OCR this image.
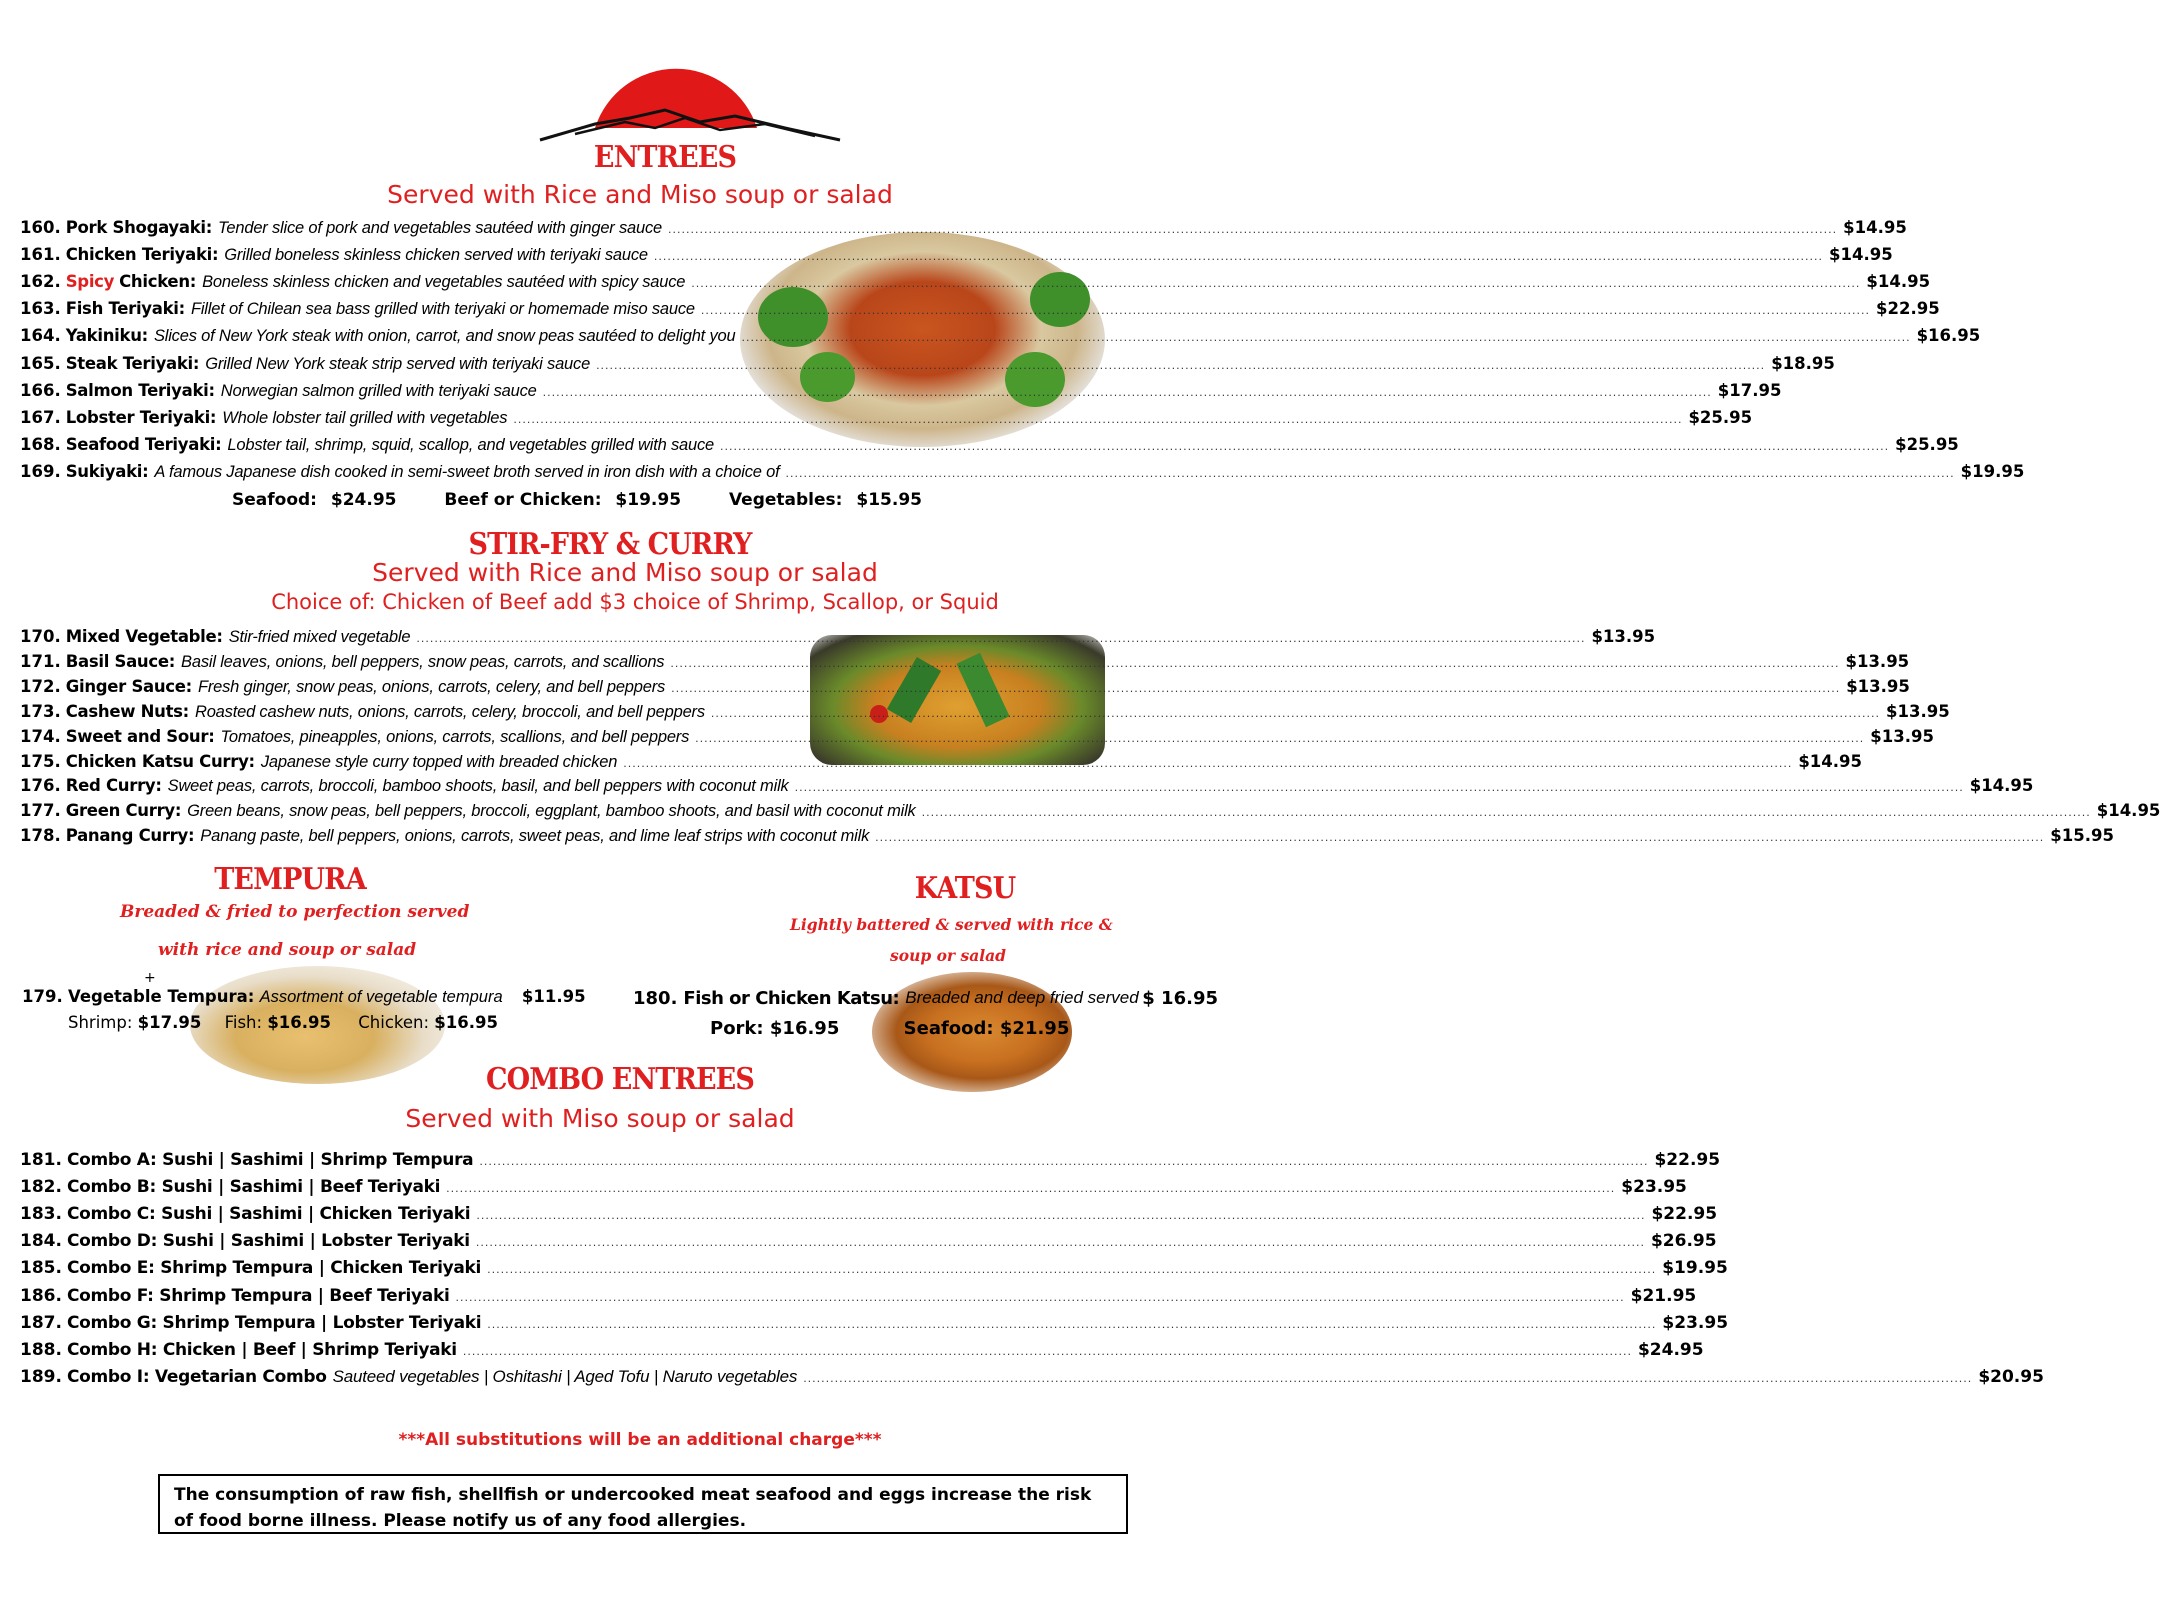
ENTREES
Served with Rice and Miso soup or salad
160. Pork Shogayaki: Tender slice of pork and vegetables sautéed with ginger sauce .................................................................................................................................................................................................................................................................... $14.95
161. Chicken Teriyaki: Grilled boneless skinless chicken served with teriyaki sauce .................................................................................................................................................................................................................................................................... $14.95
162. Spicy Chicken: Boneless skinless chicken and vegetables sautéed with spicy sauce .................................................................................................................................................................................................................................................................... $14.95
163. Fish Teriyaki: Fillet of Chilean sea bass grilled with teriyaki or homemade miso sauce .................................................................................................................................................................................................................................................................... $22.95
164. Yakiniku: Slices of New York steak with onion, carrot, and snow peas sautéed to delight you .................................................................................................................................................................................................................................................................... $16.95
165. Steak Teriyaki: Grilled New York steak strip served with teriyaki sauce .................................................................................................................................................................................................................................................................... $18.95
166. Salmon Teriyaki: Norwegian salmon grilled with teriyaki sauce .................................................................................................................................................................................................................................................................... $17.95
167. Lobster Teriyaki: Whole lobster tail grilled with vegetables .................................................................................................................................................................................................................................................................... $25.95
168. Seafood Teriyaki: Lobster tail, shrimp, squid, scallop, and vegetables grilled with sauce .................................................................................................................................................................................................................................................................... $25.95
169. Sukiyaki: A famous Japanese dish cooked in semi-sweet broth served in iron dish with a choice of .................................................................................................................................................................................................................................................................... $19.95
Seafood: $24.95	Beef or Chicken: $19.95	Vegetables: $15.95
STIR-FRY & CURRY
Served with Rice and Miso soup or salad
Choice of: Chicken of Beef add $3 choice of Shrimp, Scallop, or Squid
170. Mixed Vegetable: Stir-fried mixed vegetable .................................................................................................................................................................................................................................................................... $13.95
171. Basil Sauce: Basil leaves, onions, bell peppers, snow peas, carrots, and scallions .................................................................................................................................................................................................................................................................... $13.95
172. Ginger Sauce: Fresh ginger, snow peas, onions, carrots, celery, and bell peppers .................................................................................................................................................................................................................................................................... $13.95
173. Cashew Nuts: Roasted cashew nuts, onions, carrots, celery, broccoli, and bell peppers .................................................................................................................................................................................................................................................................... $13.95
174. Sweet and Sour: Tomatoes, pineapples, onions, carrots, scallions, and bell peppers .................................................................................................................................................................................................................................................................... $13.95
175. Chicken Katsu Curry: Japanese style curry topped with breaded chicken .................................................................................................................................................................................................................................................................... $14.95
176. Red Curry: Sweet peas, carrots, broccoli, bamboo shoots, basil, and bell peppers with coconut milk .................................................................................................................................................................................................................................................................... $14.95
177. Green Curry: Green beans, snow peas, bell peppers, broccoli, eggplant, bamboo shoots, and basil with coconut milk .................................................................................................................................................................................................................................................................... $14.95
178. Panang Curry: Panang paste, bell peppers, onions, carrots, sweet peas, and lime leaf strips with coconut milk .................................................................................................................................................................................................................................................................... $15.95
TEMPURA
Breaded & fried to perfection served
with rice and soup or salad
+
179. Vegetable Tempura: Assortment of vegetable tempura $11.95
Shrimp: $17.95 Fish: $16.95 Chicken: $16.95
KATSU
Lightly battered & served with rice &
soup or salad
180. Fish or Chicken Katsu: Breaded and deep fried served $ 16.95
Pork: $16.95	Seafood: $21.95
COMBO ENTREES
Served with Miso soup or salad
181. Combo A: Sushi | Sashimi | Shrimp Tempura .................................................................................................................................................................................................................................................................... $22.95
182. Combo B: Sushi | Sashimi | Beef Teriyaki .................................................................................................................................................................................................................................................................... $23.95
183. Combo C: Sushi | Sashimi | Chicken Teriyaki .................................................................................................................................................................................................................................................................... $22.95
184. Combo D: Sushi | Sashimi | Lobster Teriyaki .................................................................................................................................................................................................................................................................... $26.95
185. Combo E: Shrimp Tempura | Chicken Teriyaki .................................................................................................................................................................................................................................................................... $19.95
186. Combo F: Shrimp Tempura | Beef Teriyaki .................................................................................................................................................................................................................................................................... $21.95
187. Combo G: Shrimp Tempura | Lobster Teriyaki .................................................................................................................................................................................................................................................................... $23.95
188. Combo H: Chicken | Beef | Shrimp Teriyaki .................................................................................................................................................................................................................................................................... $24.95
189. Combo I: Vegetarian Combo Sauteed vegetables | Oshitashi | Aged Tofu | Naruto vegetables .................................................................................................................................................................................................................................................................... $20.95
***All substitutions will be an additional charge***
The consumption of raw fish, shellfish or undercooked meat seafood and eggs increase the risk of food borne illness. Please notify us of any food allergies.
